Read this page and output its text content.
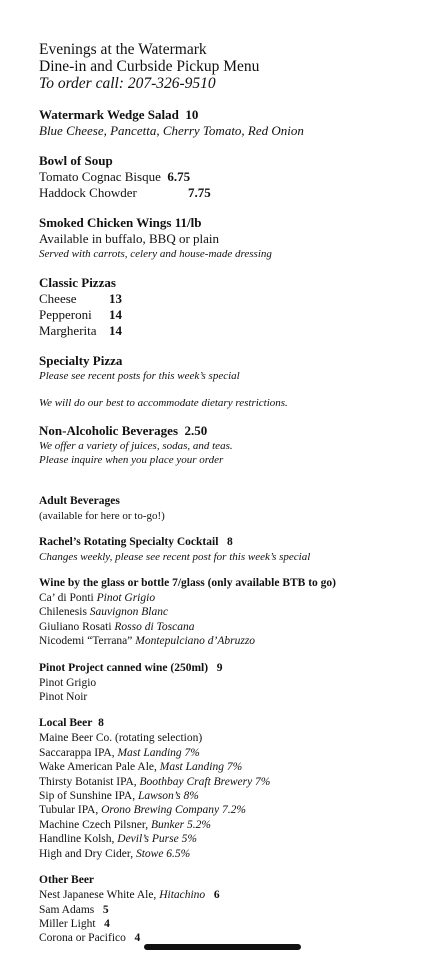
Evenings at the Watermark
Dine-in and Curbside Pickup Menu
To order call: 207-326-9510
Watermark Wedge Salad 10
Blue Cheese, Pancetta, Cherry Tomato, Red Onion
Bowl of Soup
Tomato Cognac Bisque 6.75
Haddock Chowder	7.75
Smoked Chicken Wings 11/lb
Available in buffalo, BBQ or plain
Served with carrots, celery and house-made dressing
Classic Pizzas
Cheese 13
Pepperoni 14
Margherita 14
Specialty Pizza
Please see recent posts for this week’s special
We will do our best to accommodate dietary restrictions.
Non-Alcoholic Beverages 2.50
We offer a variety of juices, sodas, and teas.
Please inquire when you place your order
Adult Beverages
(available for here or to-go!)
Rachel’s Rotating Specialty Cocktail 8
Changes weekly, please see recent post for this week’s special
Wine by the glass or bottle 7/glass (only available BTB to go)
Ca’ di Ponti Pinot Grigio
Chilenesis Sauvignon Blanc
Giuliano Rosati Rosso di Toscana
Nicodemi “Terrana” Montepulciano d’Abruzzo
Pinot Project canned wine (250ml) 9
Pinot Grigio
Pinot Noir
Local Beer 8
Maine Beer Co. (rotating selection)
Saccarappa IPA, Mast Landing 7%
Wake American Pale Ale, Mast Landing 7%
Thirsty Botanist IPA, Boothbay Craft Brewery 7%
Sip of Sunshine IPA, Lawson’s 8%
Tubular IPA, Orono Brewing Company 7.2%
Machine Czech Pilsner, Bunker 5.2%
Handline Kolsh, Devil’s Purse 5%
High and Dry Cider, Stowe 6.5%
Other Beer
Nest Japanese White Ale, Hitachino 6
Sam Adams 5
Miller Light 4
Corona or Pacifico 4
